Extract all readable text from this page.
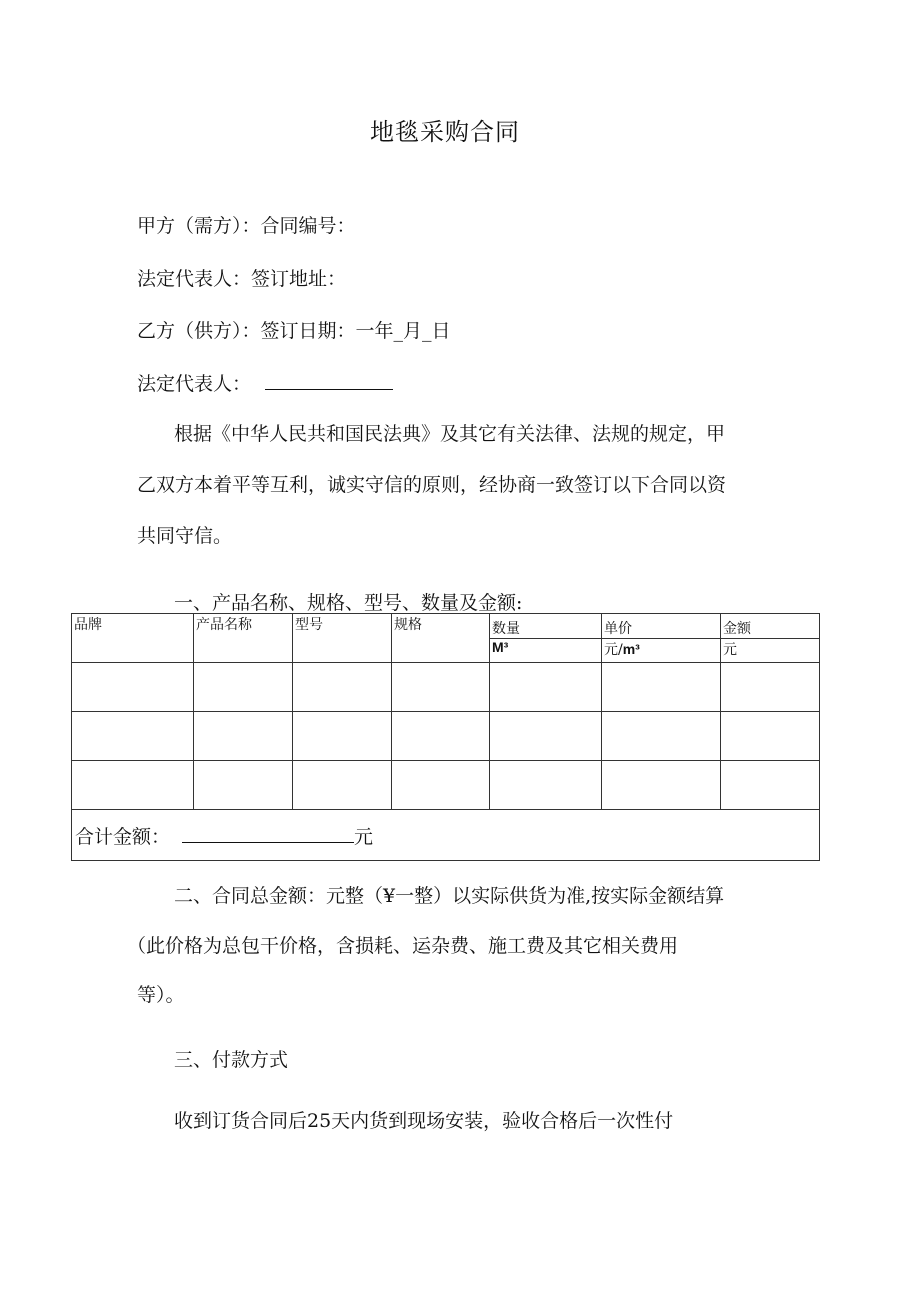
地毯采购合同
甲方（需方）：合同编号：
法定代表人：签订地址：
乙方（供方）：签订日期：一年_月_日
法定代表人：
根据《中华人民共和国民法典》及其它有关法律、法规的规定，甲
乙双方本着平等互利，诚实守信的原则，经协商一致签订以下合同以资
共同守信。
一、产品名称、规格、型号、数量及金额:
品牌	产品名称	型号	规格	数量	单价	金额
				M³	元/m³	元

合计金额： 元						
二、合同总金额：元整（¥一整）以实际供货为准,按实际金额结算
（此价格为总包干价格，含损耗、运杂费、施工费及其它相关费用
等）。
三、付款方式
收到订货合同后25天内货到现场安装，验收合格后一次性付
